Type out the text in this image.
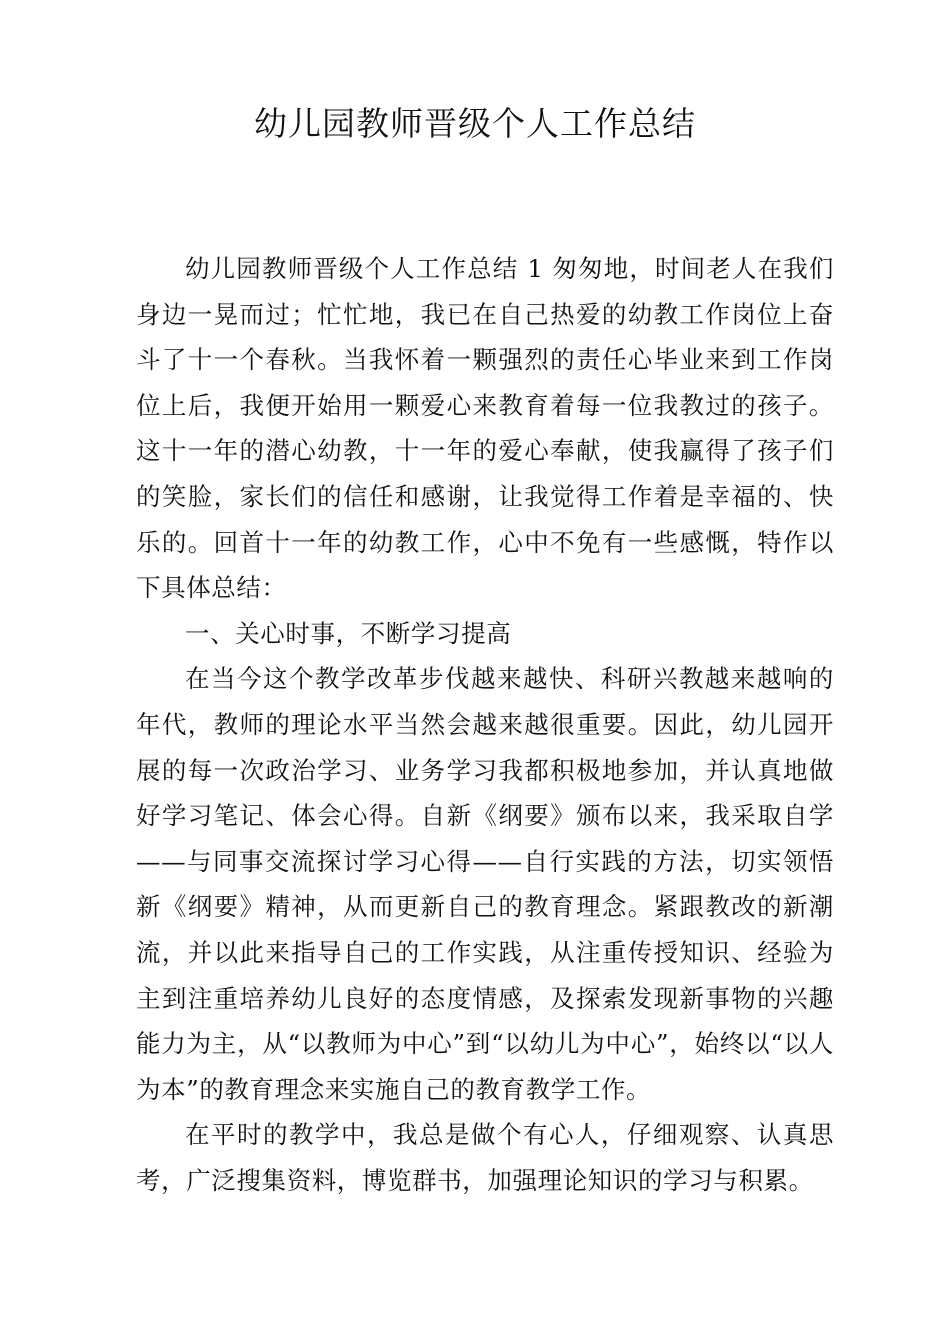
幼儿园教师晋级个人工作总结

幼儿园教师晋级个人工作总结 1 匆匆地，时间老人在我们身边一晃而过；忙忙地，我已在自己热爱的幼教工作岗位上奋斗了十一个春秋。当我怀着一颗强烈的责任心毕业来到工作岗位上后，我便开始用一颗爱心来教育着每一位我教过的孩子。这十一年的潜心幼教，十一年的爱心奉献，使我赢得了孩子们的笑脸，家长们的信任和感谢，让我觉得工作着是幸福的、快乐的。回首十一年的幼教工作，心中不免有一些感慨，特作以下具体总结：

一、关心时事，不断学习提高

在当今这个教学改革步伐越来越快、科研兴教越来越响的年代，教师的理论水平当然会越来越很重要。因此，幼儿园开展的每一次政治学习、业务学习我都积极地参加，并认真地做好学习笔记、体会心得。自新《纲要》颁布以来，我采取自学——与同事交流探讨学习心得——自行实践的方法，切实领悟新《纲要》精神，从而更新自己的教育理念。紧跟教改的新潮流，并以此来指导自己的工作实践，从注重传授知识、经验为主到注重培养幼儿良好的态度情感，及探索发现新事物的兴趣能力为主，从“以教师为中心”到“以幼儿为中心”，始终以“以人为本”的教育理念来实施自己的教育教学工作。

在平时的教学中，我总是做个有心人，仔细观察、认真思考，广泛搜集资料，博览群书，加强理论知识的学习与积累。
